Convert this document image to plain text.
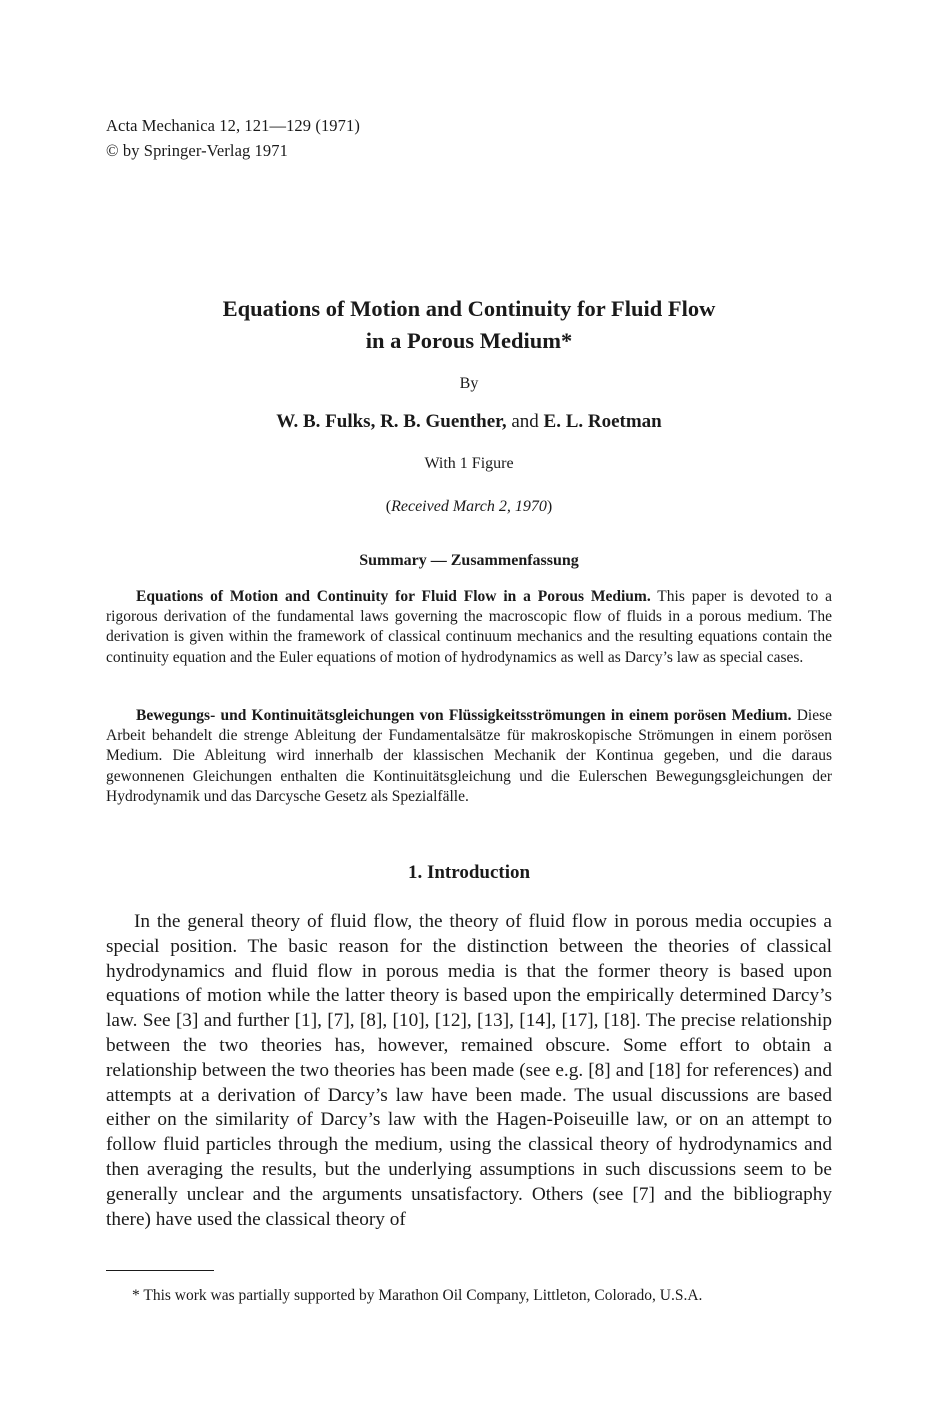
Acta Mechanica 12, 121—129 (1971)
© by Springer-Verlag 1971
Equations of Motion and Continuity for Fluid Flow
in a Porous Medium*
By
W. B. Fulks, R. B. Guenther, and E. L. Roetman
With 1 Figure
(Received March 2, 1970)
Summary — Zusammenfassung
Equations of Motion and Continuity for Fluid Flow in a Porous Medium. This paper is devoted to a rigorous derivation of the fundamental laws governing the macroscopic flow of fluids in a porous medium. The derivation is given within the framework of classical continuum mechanics and the resulting equations contain the continuity equation and the Euler equations of motion of hydrodynamics as well as Darcy’s law as special cases.
Bewegungs- und Kontinuitätsgleichungen von Flüssigkeitsströmungen in einem porösen Medium. Diese Arbeit behandelt die strenge Ableitung der Fundamentalsätze für makroskopische Strömungen in einem porösen Medium. Die Ableitung wird innerhalb der klassischen Mechanik der Kontinua gegeben, und die daraus gewonnenen Gleichungen enthalten die Kontinuitätsgleichung und die Eulerschen Bewegungsgleichungen der Hydrodynamik und das Darcysche Gesetz als Spezialfälle.
1. Introduction
In the general theory of fluid flow, the theory of fluid flow in porous media occupies a special position. The basic reason for the distinction between the theories of classical hydrodynamics and fluid flow in porous media is that the former theory is based upon equations of motion while the latter theory is based upon the empirically determined Darcy’s law. See [3] and further [1], [7], [8], [10], [12], [13], [14], [17], [18]. The precise relationship between the two theories has, however, remained obscure. Some effort to obtain a relationship between the two theories has been made (see e.g. [8] and [18] for references) and attempts at a derivation of Darcy’s law have been made. The usual discussions are based either on the similarity of Darcy’s law with the Hagen-Poiseuille law, or on an attempt to follow fluid particles through the medium, using the classical theory of hydrodynamics and then averaging the results, but the underlying assumptions in such discussions seem to be generally unclear and the arguments unsatisfactory. Others (see [7] and the bibliography there) have used the classical theory of
* This work was partially supported by Marathon Oil Company, Littleton, Colorado, U.S.A.
